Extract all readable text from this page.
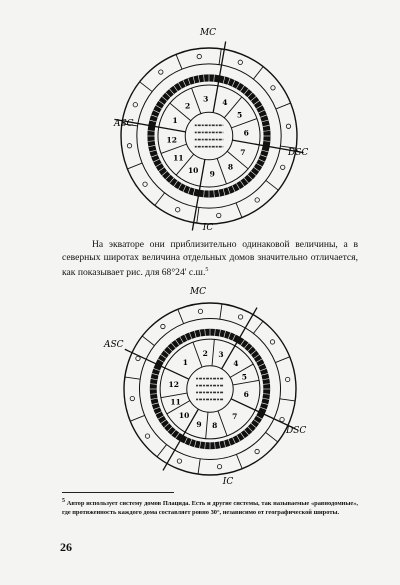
1
2
3 4
5
6
7
8
9
10
11
12
MC
ASC
DSC
IC

На экваторе они приблизительно одинаковой величины, а в северных широтах величина отдельных домов значительно отличается, как показывает рис. для 68°24' с.ш.$^5$

1
2 3
4
5
6
7
8
9
10
11
12
MC
ASC
DSC
IC
$^5$ Автор использует систему домов Плацида. Есть и другие системы, так называемые «равнодомные», где протяженность каждого дома составляет ровно 30°, независимо от географической широты.
26
